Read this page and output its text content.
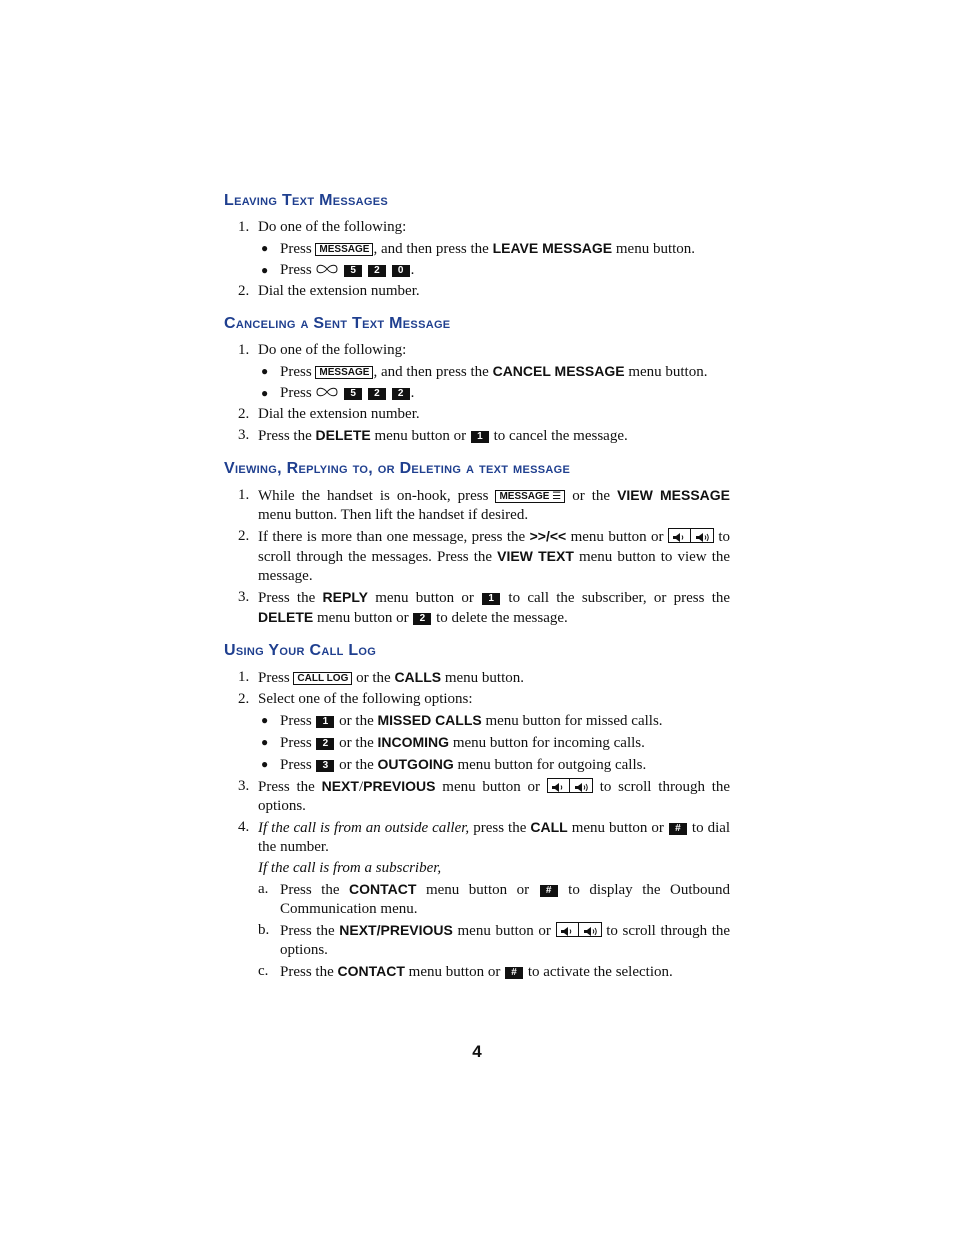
Leaving Text Messages
1. Do one of the following:
● Press MESSAGE , and then press the LEAVE MESSAGE menu button.
● Press	5 2 0 .
2. Dial the extension number.
Canceling a Sent Text Message
1. Do one of the following:
● Press MESSAGE , and then press the CANCEL MESSAGE menu button.
● Press	5 2 2 .
2. Dial the extension number.
3. Press the DELETE menu button or 1 to cancel the message.
Viewing, Replying to, or Deleting a text message
1. While the handset is on-hook, press MESSAGE ☰ or the VIEW MESSAGE menu button. Then lift the handset if desired.
2. If there is more than one message, press the >>/<< menu button or	to scroll through the messages. Press the VIEW TEXT menu button to view the message.
3. Press the REPLY menu button or 1 to call the subscriber, or press the DELETE menu button or 2 to delete the message.
Using Your Call Log
1. Press CALL LOG or the CALLS menu button.
2. Select one of the following options:
● Press 1 or the MISSED CALLS menu button for missed calls.
● Press 2 or the INCOMING menu button for incoming calls.
● Press 3 or the OUTGOING menu button for outgoing calls.
3. Press the NEXT/PREVIOUS menu button or	to scroll through the options.
4. If the call is from an outside caller, press the CALL menu button or # to dial the number.
If the call is from a subscriber,
a. Press the CONTACT menu button or # to display the Outbound Communication menu.
b. Press the NEXT/PREVIOUS menu button or	to scroll through the options.
c. Press the CONTACT menu button or # to activate the selection.
4
